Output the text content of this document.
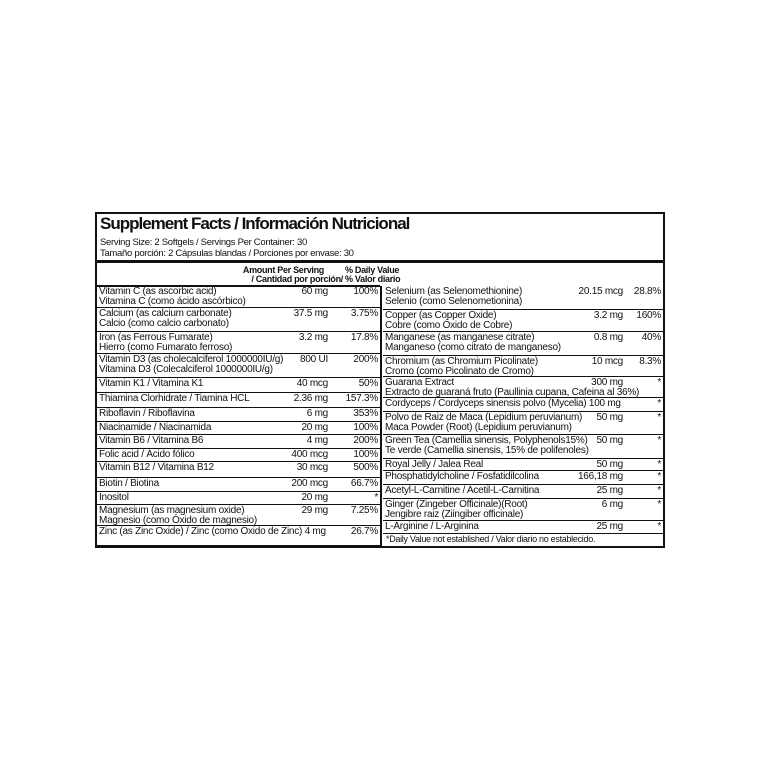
Supplement Facts / Información Nutricional
Serving Size: 2 Softgels / Servings Per Container: 30
Tamaño porción: 2 Cápsulas blandas / Porciones por envase: 30
Amount Per Serving
/ Cantidad por porción/
% Daily Value
% Valor diario
Vitamin C (as ascorbic acid)
Vitamina C (como ácido ascórbico)
60 mg	100%
Calcium (as calcium carbonate)
Calcio (como calcio carbonato)
37.5 mg 3.75%
Iron (as Ferrous Fumarate)
Hierro (como Fumarato ferroso)
3.2 mg 17.8%
Vitamin D3 (as cholecalciferol 1000000IU/g)
Vitamina D3 (Colecalciferol 1000000IU/g)
800 UI	200%
Vitamin K1 / Vitamina K1	40 mcg	50%
Thiamina Clorhidrate / Tiamina HCL	2.36 mg 157.3%
Riboflavin / Riboflavina	6 mg	353%
Niacinamide / Niacinamida	20 mg	100%
Vitamin B6 / Vitamina B6	4 mg	200%
Folic acid / Ácido fólico	400 mcg	100%
Vitamin B12 / Vitamina B12	30 mcg	500%
Biotin / Biotina	200 mcg 66.7%
Inositol	20 mg	*
Magnesium (as magnesium oxide)
Magnesio (como Óxido de magnesio)
29 mg 7.25%
Zinc (as Zinc Oxide) / Zinc (como Óxido de Zinc) 4 mg	26.7%
Selenium (as Selenomethionine)
Selenio (como Selenometionina)
20.15 mcg 28.8%
Copper (as Copper Oxide)
Cobre (como Óxido de Cobre)
3.2 mg 160%
Manganese (as manganese citrate)
Manganeso (como citrato de manganeso)
0.8 mg 40%
Chromium (as Chromium Picolinate)
Cromo (como Picolinato de Cromo)
10 mcg 8.3%
Guarana Extract
Extracto de guaraná fruto (Paullinia cupana, Cafeina al 36%)
300 mg	*
Cordyceps / Cordyceps sinensis polvo (Mycelia) 100 mg	*
Polvo de Raiz de Maca (Lepidium peruvianum)
Maca Powder (Root) (Lepidium peruvianum)
50 mg	*
Green Tea (Camellia sinensis, Polyphenols15%)
Te verde (Camellia sinensis, 15% de polifenoles)
50 mg	*
Royal Jelly / Jalea Real	50 mg	*
Phosphatidylcholine / Fosfatidilcolina	166,18 mg	*
Acetyl-L-Carnitine / Acetil-L-Carnitina	25 mg	*
Ginger (Zingeber Officinale)(Root)
Jengibre raiz (Ziingiber officinale)
6 mg	*
L-Arginine / L-Arginina	25 mg	*
*Daily Value not established / Valor diario no establecido.
